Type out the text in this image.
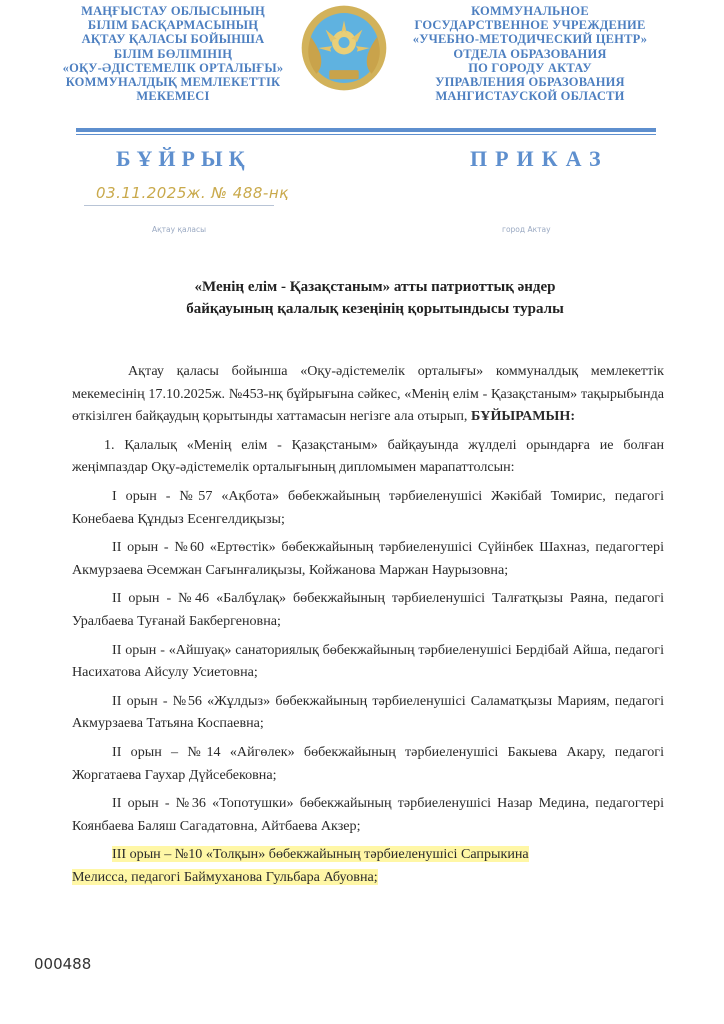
МАҢҒЫСТАУ ОБЛЫСЫНЫҢ
БІЛІМ БАСҚАРМАСЫНЫҢ
АҚТАУ ҚАЛАСЫ БОЙЫНША
БІЛІМ БӨЛІМІНІҢ
«ОҚУ-ӘДІСТЕМЕЛІК ОРТАЛЫҒЫ»
КОММУНАЛДЫҚ МЕМЛЕКЕТТІК
МЕКЕМЕСІ
КОММУНАЛЬНОЕ
ГОСУДАРСТВЕННОЕ УЧРЕЖДЕНИЕ
«УЧЕБНО-МЕТОДИЧЕСКИЙ ЦЕНТР»
ОТДЕЛА ОБРАЗОВАНИЯ
ПО ГОРОДУ АКТАУ
УПРАВЛЕНИЯ ОБРАЗОВАНИЯ
МАНГИСТАУСКОЙ ОБЛАСТИ
БҰЙРЫҚ	ПРИКАЗ
03.11.2025ж. № 488-нқ
Ақтау қаласы	город Актау
«Менің елім - Қазақстаным» атты патриоттық әндер
байқауының қалалық кезеңінің қорытындысы туралы

Ақтау қаласы бойынша «Оқу-әдістемелік орталығы» коммуналдық мемлекеттік мекемесінің 17.10.2025ж. №453-нқ бұйрығына сәйкес, «Менің елім - Қазақстаным» тақырыбында өткізілген байқаудың қорытынды хаттамасын негізге ала отырып, БҰЙЫРАМЫН:

1. Қалалық «Менің елім - Қазақстаным» байқауында жүлделі орындарға ие болған жеңімпаздар Оқу-әдістемелік орталығының дипломымен марапаттолсын:

I орын - №57 «Ақбота» бөбекжайының тәрбиеленушісі Жәкібай Томирис, педагогі Конебаева Құндыз Есенгелдиқызы;

II орын - №60 «Ертөстік» бөбекжайының тәрбиеленушісі Сүйінбек Шахназ, педагогтері Акмурзаева Әсемжан Сағынғалиқызы, Койжанова Маржан Наурызовна;

II орын - №46 «Балбұлақ» бөбекжайының тәрбиеленушісі Талғатқызы Раяна, педагогі Уралбаева Туғанай Бакбергеновна;

II орын - «Айшуақ» санаториялық бөбекжайының тәрбиеленушісі Бердібай Айша, педагогі Насихатова Айсулу Усиетовна;

II орын - №56 «Жұлдыз» бөбекжайының тәрбиеленушісі Саламатқызы Мариям, педагогі Акмурзаева Татьяна Коспаевна;

II орын – №14 «Айгөлек» бөбекжайының тәрбиеленушісі Бакыева Акару, педагогі Жоргатаева Гаухар Дүйсебековна;

II орын - №36 «Топотушки» бөбекжайының тәрбиеленушісі Назар Медина, педагогтері Коянбаева Баляш Сагадатовна, Айтбаева Акзер;

III орын – №10 «Толқын» бөбекжайының тәрбиеленушісі Сапрыкина
Мелисса, педагогі Баймуханова Гульбара Абуовна;

000488
